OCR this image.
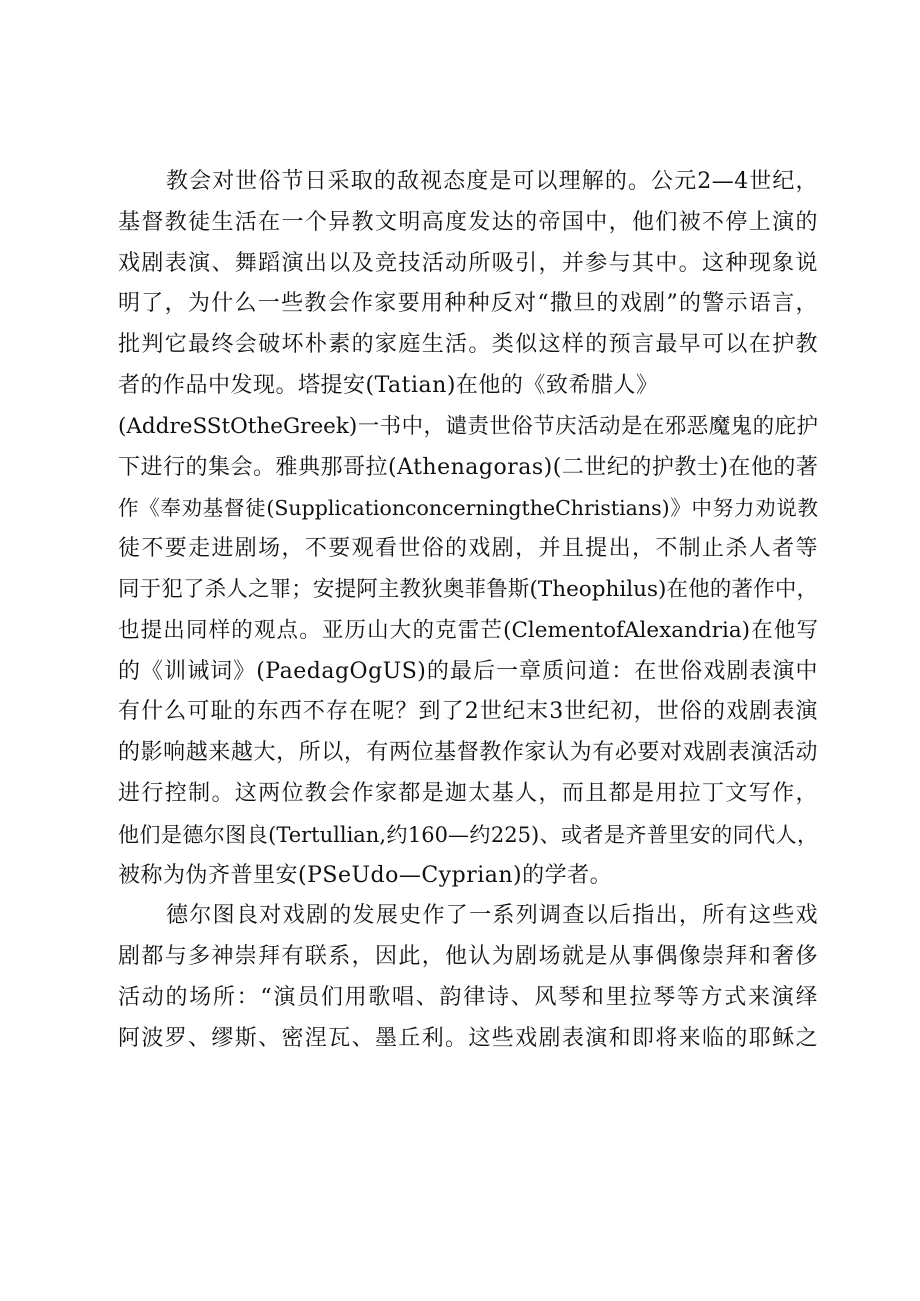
教会对世俗节日采取的敌视态度是可以理解的。公元2—4世纪，
基督教徒生活在一个异教文明高度发达的帝国中，他们被不停上演的
戏剧表演、舞蹈演出以及竞技活动所吸引，并参与其中。这种现象说
明了，为什么一些教会作家要用种种反对“撒旦的戏剧”的警示语言，
批判它最终会破坏朴素的家庭生活。类似这样的预言最早可以在护教
者的作品中发现。塔提安(Tatian)在他的《致希腊人》
(AddreSStOtheGreek)一书中，谴责世俗节庆活动是在邪恶魔鬼的庇护
下进行的集会。雅典那哥拉(Athenagoras)(二世纪的护教士)在他的著
作《奉劝基督徒(SupplicationconcerningtheChristians)》中努力劝说教
徒不要走进剧场，不要观看世俗的戏剧，并且提出，不制止杀人者等
同于犯了杀人之罪；安提阿主教狄奥菲鲁斯(Theophilus)在他的著作中，
也提出同样的观点。亚历山大的克雷芒(ClementofAlexandria)在他写
的《训诫词》(PaedagOgUS)的最后一章质问道：在世俗戏剧表演中
有什么可耻的东西不存在呢？到了2世纪末3世纪初，世俗的戏剧表演
的影响越来越大，所以，有两位基督教作家认为有必要对戏剧表演活动
进行控制。这两位教会作家都是迦太基人，而且都是用拉丁文写作，
他们是德尔图良(Tertullian,约160—约225)、或者是齐普里安的同代人，
被称为伪齐普里安(PSeUdo—Cyprian)的学者。
德尔图良对戏剧的发展史作了一系列调查以后指出，所有这些戏
剧都与多神崇拜有联系，因此，他认为剧场就是从事偶像崇拜和奢侈
活动的场所：“演员们用歌唱、韵律诗、风琴和里拉琴等方式来演绎
阿波罗、缪斯、密涅瓦、墨丘利。这些戏剧表演和即将来临的耶稣之
